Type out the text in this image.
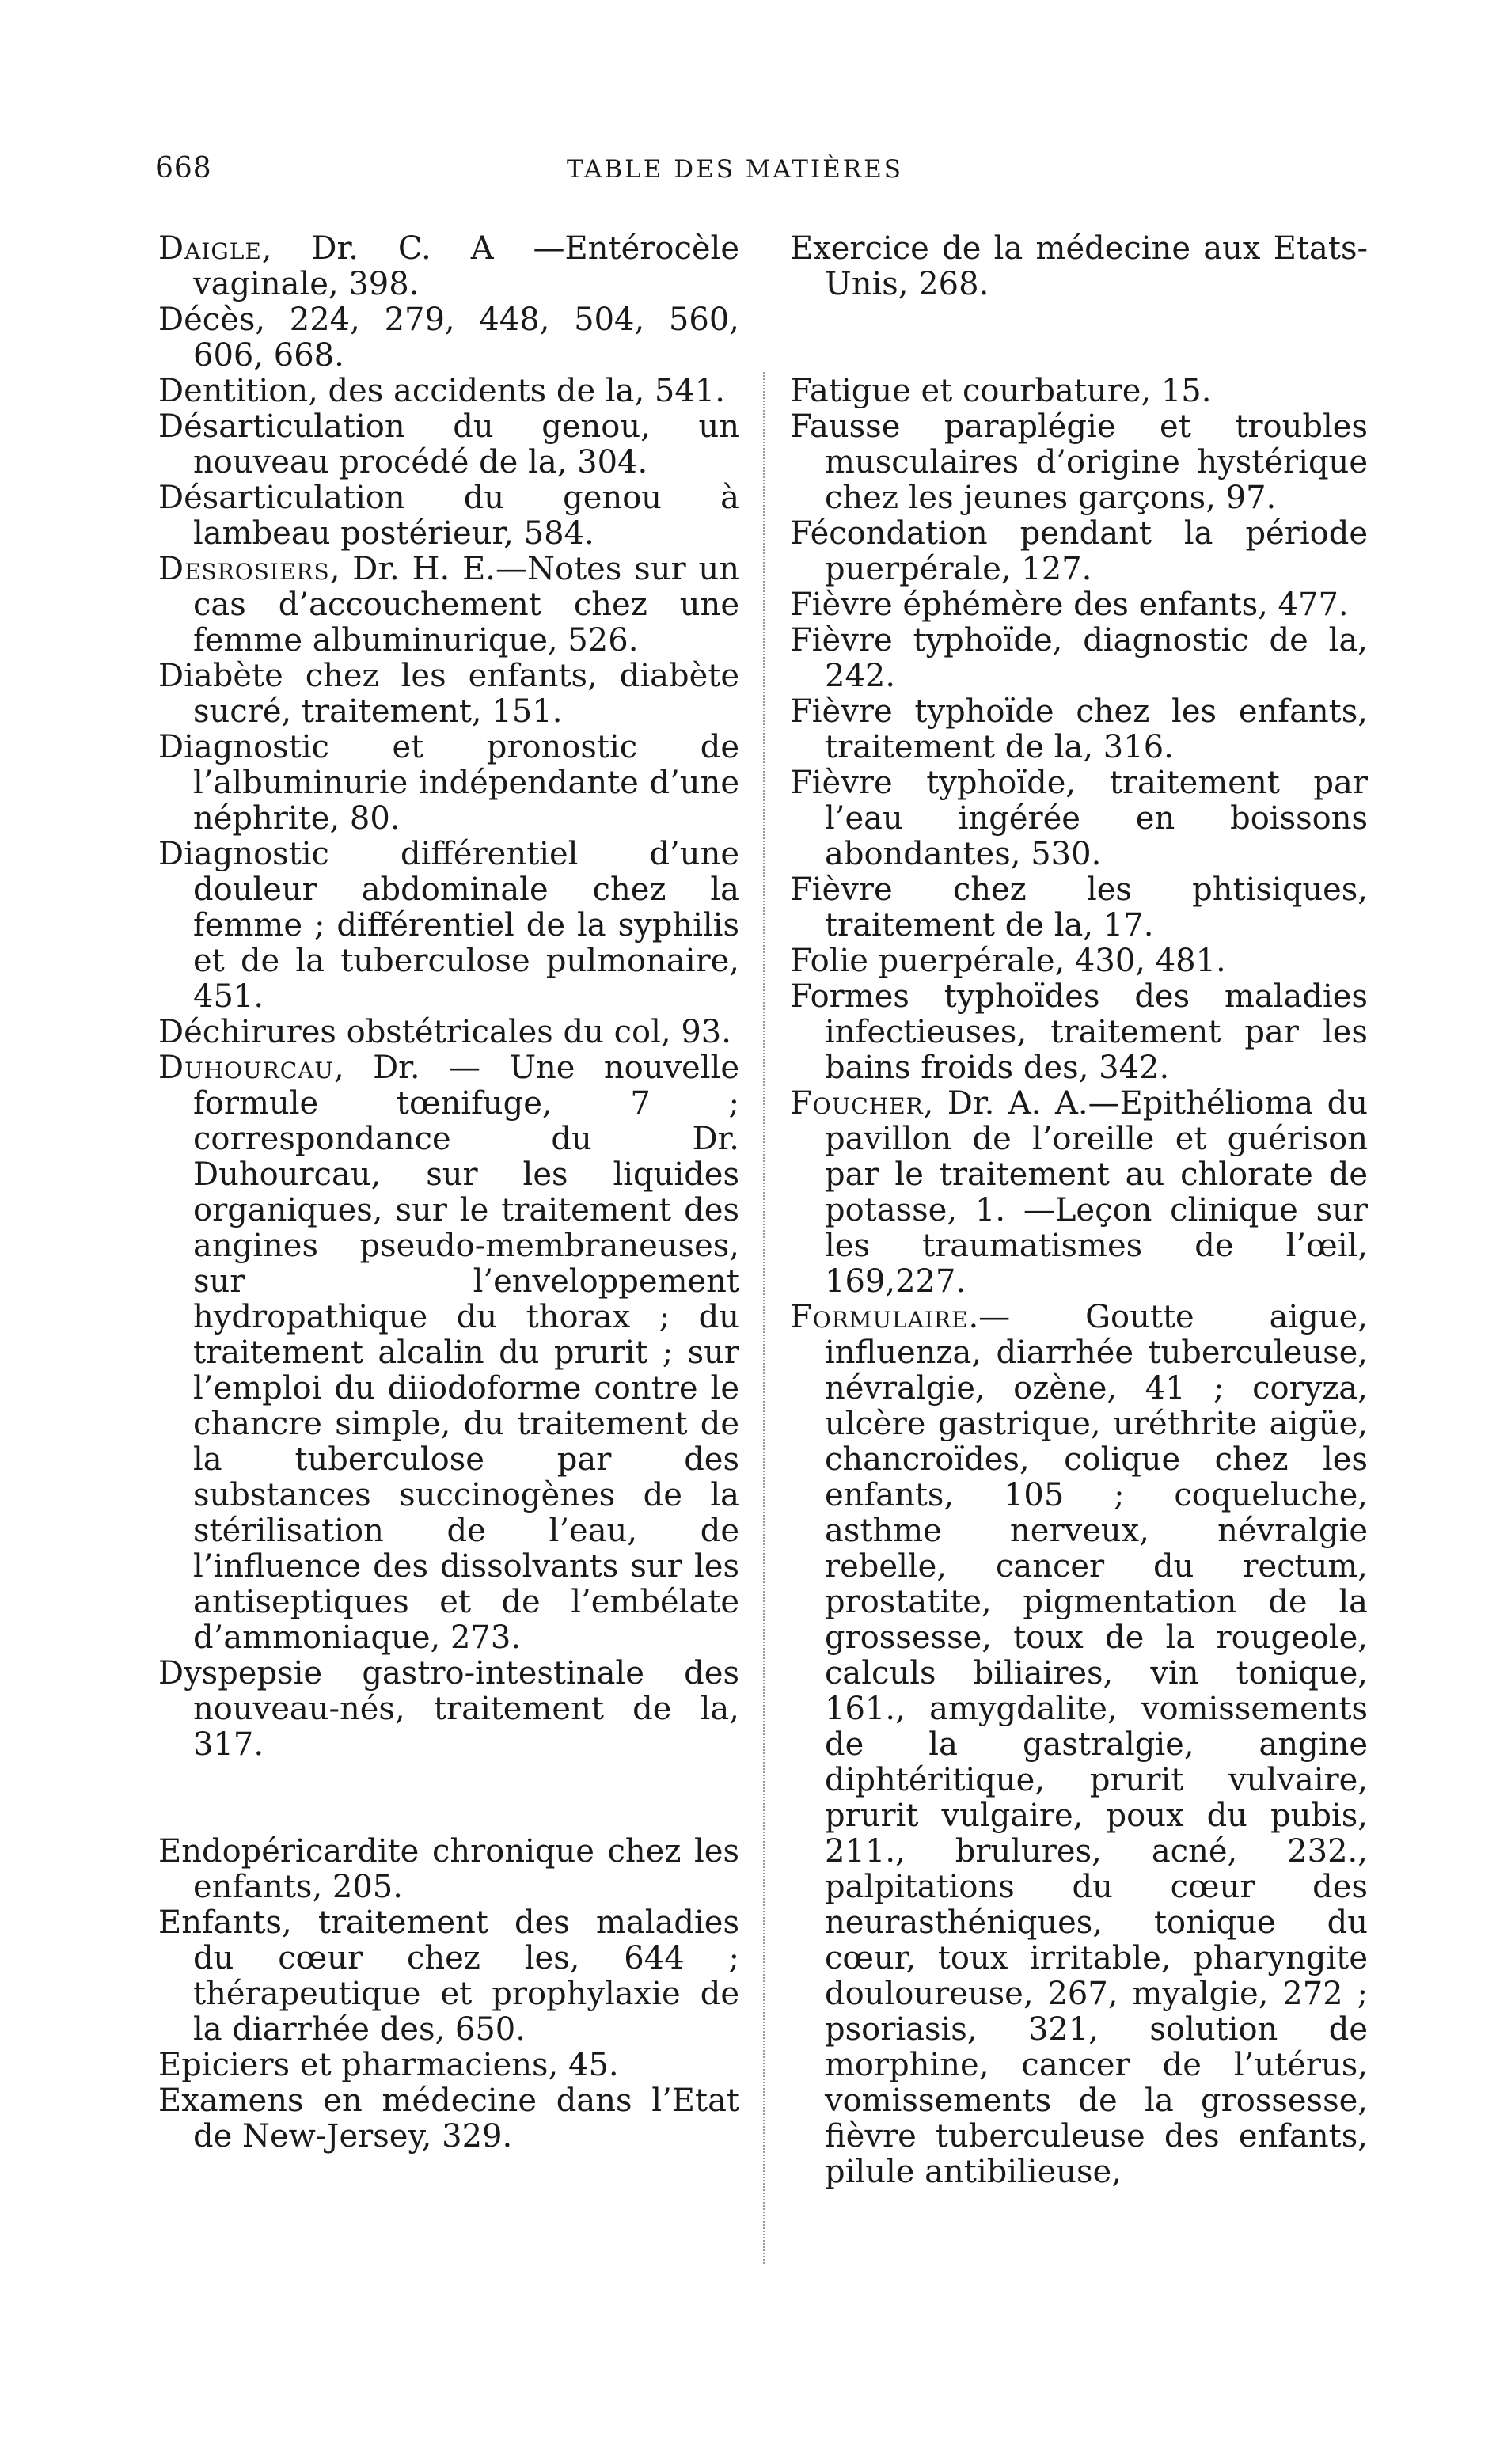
668	TABLE DES MATIÈRES
Daigle, Dr. C. A —Entérocèle vaginale, 398.
Décès, 224, 279, 448, 504, 560, 606, 668.
Dentition, des accidents de la, 541.
Désarticulation du genou, un nouveau procédé de la, 304.
Désarticulation du genou à lambeau postérieur, 584.
Desrosiers, Dr. H. E.—Notes sur un cas d’accouchement chez une femme albuminurique, 526.
Diabète chez les enfants, diabète sucré, traitement, 151.
Diagnostic et pronostic de l’albuminurie indépendante d’une néphrite, 80.
Diagnostic différentiel d’une douleur abdominale chez la femme ; différentiel de la syphilis et de la tuberculose pulmonaire, 451.
Déchirures obstétricales du col, 93.
Duhourcau, Dr. — Une nouvelle formule tœnifuge, 7 ; correspondance du Dr. Duhourcau, sur les liquides organiques, sur le traitement des angines pseudo-membraneuses, sur l’enveloppement hydropathique du thorax ; du traitement alcalin du prurit ; sur l’emploi du diiodoforme contre le chancre simple, du traitement de la tuberculose par des substances succinogènes de la stérilisation de l’eau, de l’influence des dissolvants sur les antiseptiques et de l’embélate d’ammoniaque, 273.
Dyspepsie gastro-intestinale des nouveau-nés, traitement de la, 317.
Endopéricardite chronique chez les enfants, 205.
Enfants, traitement des maladies du cœur chez les, 644 ; thérapeutique et prophylaxie de la diarrhée des, 650.
Epiciers et pharmaciens, 45.
Examens en médecine dans l’Etat de New-Jersey, 329.
Exercice de la médecine aux Etats-Unis, 268.
Fatigue et courbature, 15.
Fausse paraplégie et troubles musculaires d’origine hystérique chez les jeunes garçons, 97.
Fécondation pendant la période puerpérale, 127.
Fièvre éphémère des enfants, 477.
Fièvre typhoïde, diagnostic de la, 242.
Fièvre typhoïde chez les enfants, traitement de la, 316.
Fièvre typhoïde, traitement par l’eau ingérée en boissons abondantes, 530.
Fièvre chez les phtisiques, traitement de la, 17.
Folie puerpérale, 430, 481.
Formes typhoïdes des maladies infectieuses, traitement par les bains froids des, 342.
Foucher, Dr. A. A.—Epithélioma du pavillon de l’oreille et guérison par le traitement au chlorate de potasse, 1. —Leçon clinique sur les traumatismes de l’œil, 169,227.
Formulaire.— Goutte aigue, influenza, diarrhée tuberculeuse, névralgie, ozène, 41 ; coryza, ulcère gastrique, uréthrite aigüe, chancroïdes, colique chez les enfants, 105 ; coqueluche, asthme nerveux, névralgie rebelle, cancer du rectum, prostatite, pigmentation de la grossesse, toux de la rougeole, calculs biliaires, vin tonique, 161., amygdalite, vomissements de la gastralgie, angine diphtéritique, prurit vulvaire, prurit vulgaire, poux du pubis, 211., brulures, acné, 232., palpitations du cœur des neurasthéniques, tonique du cœur, toux irritable, pharyngite douloureuse, 267, myalgie, 272 ; psoriasis, 321, solution de morphine, cancer de l’utérus, vomissements de la grossesse, fièvre tuberculeuse des enfants, pilule antibilieuse,
